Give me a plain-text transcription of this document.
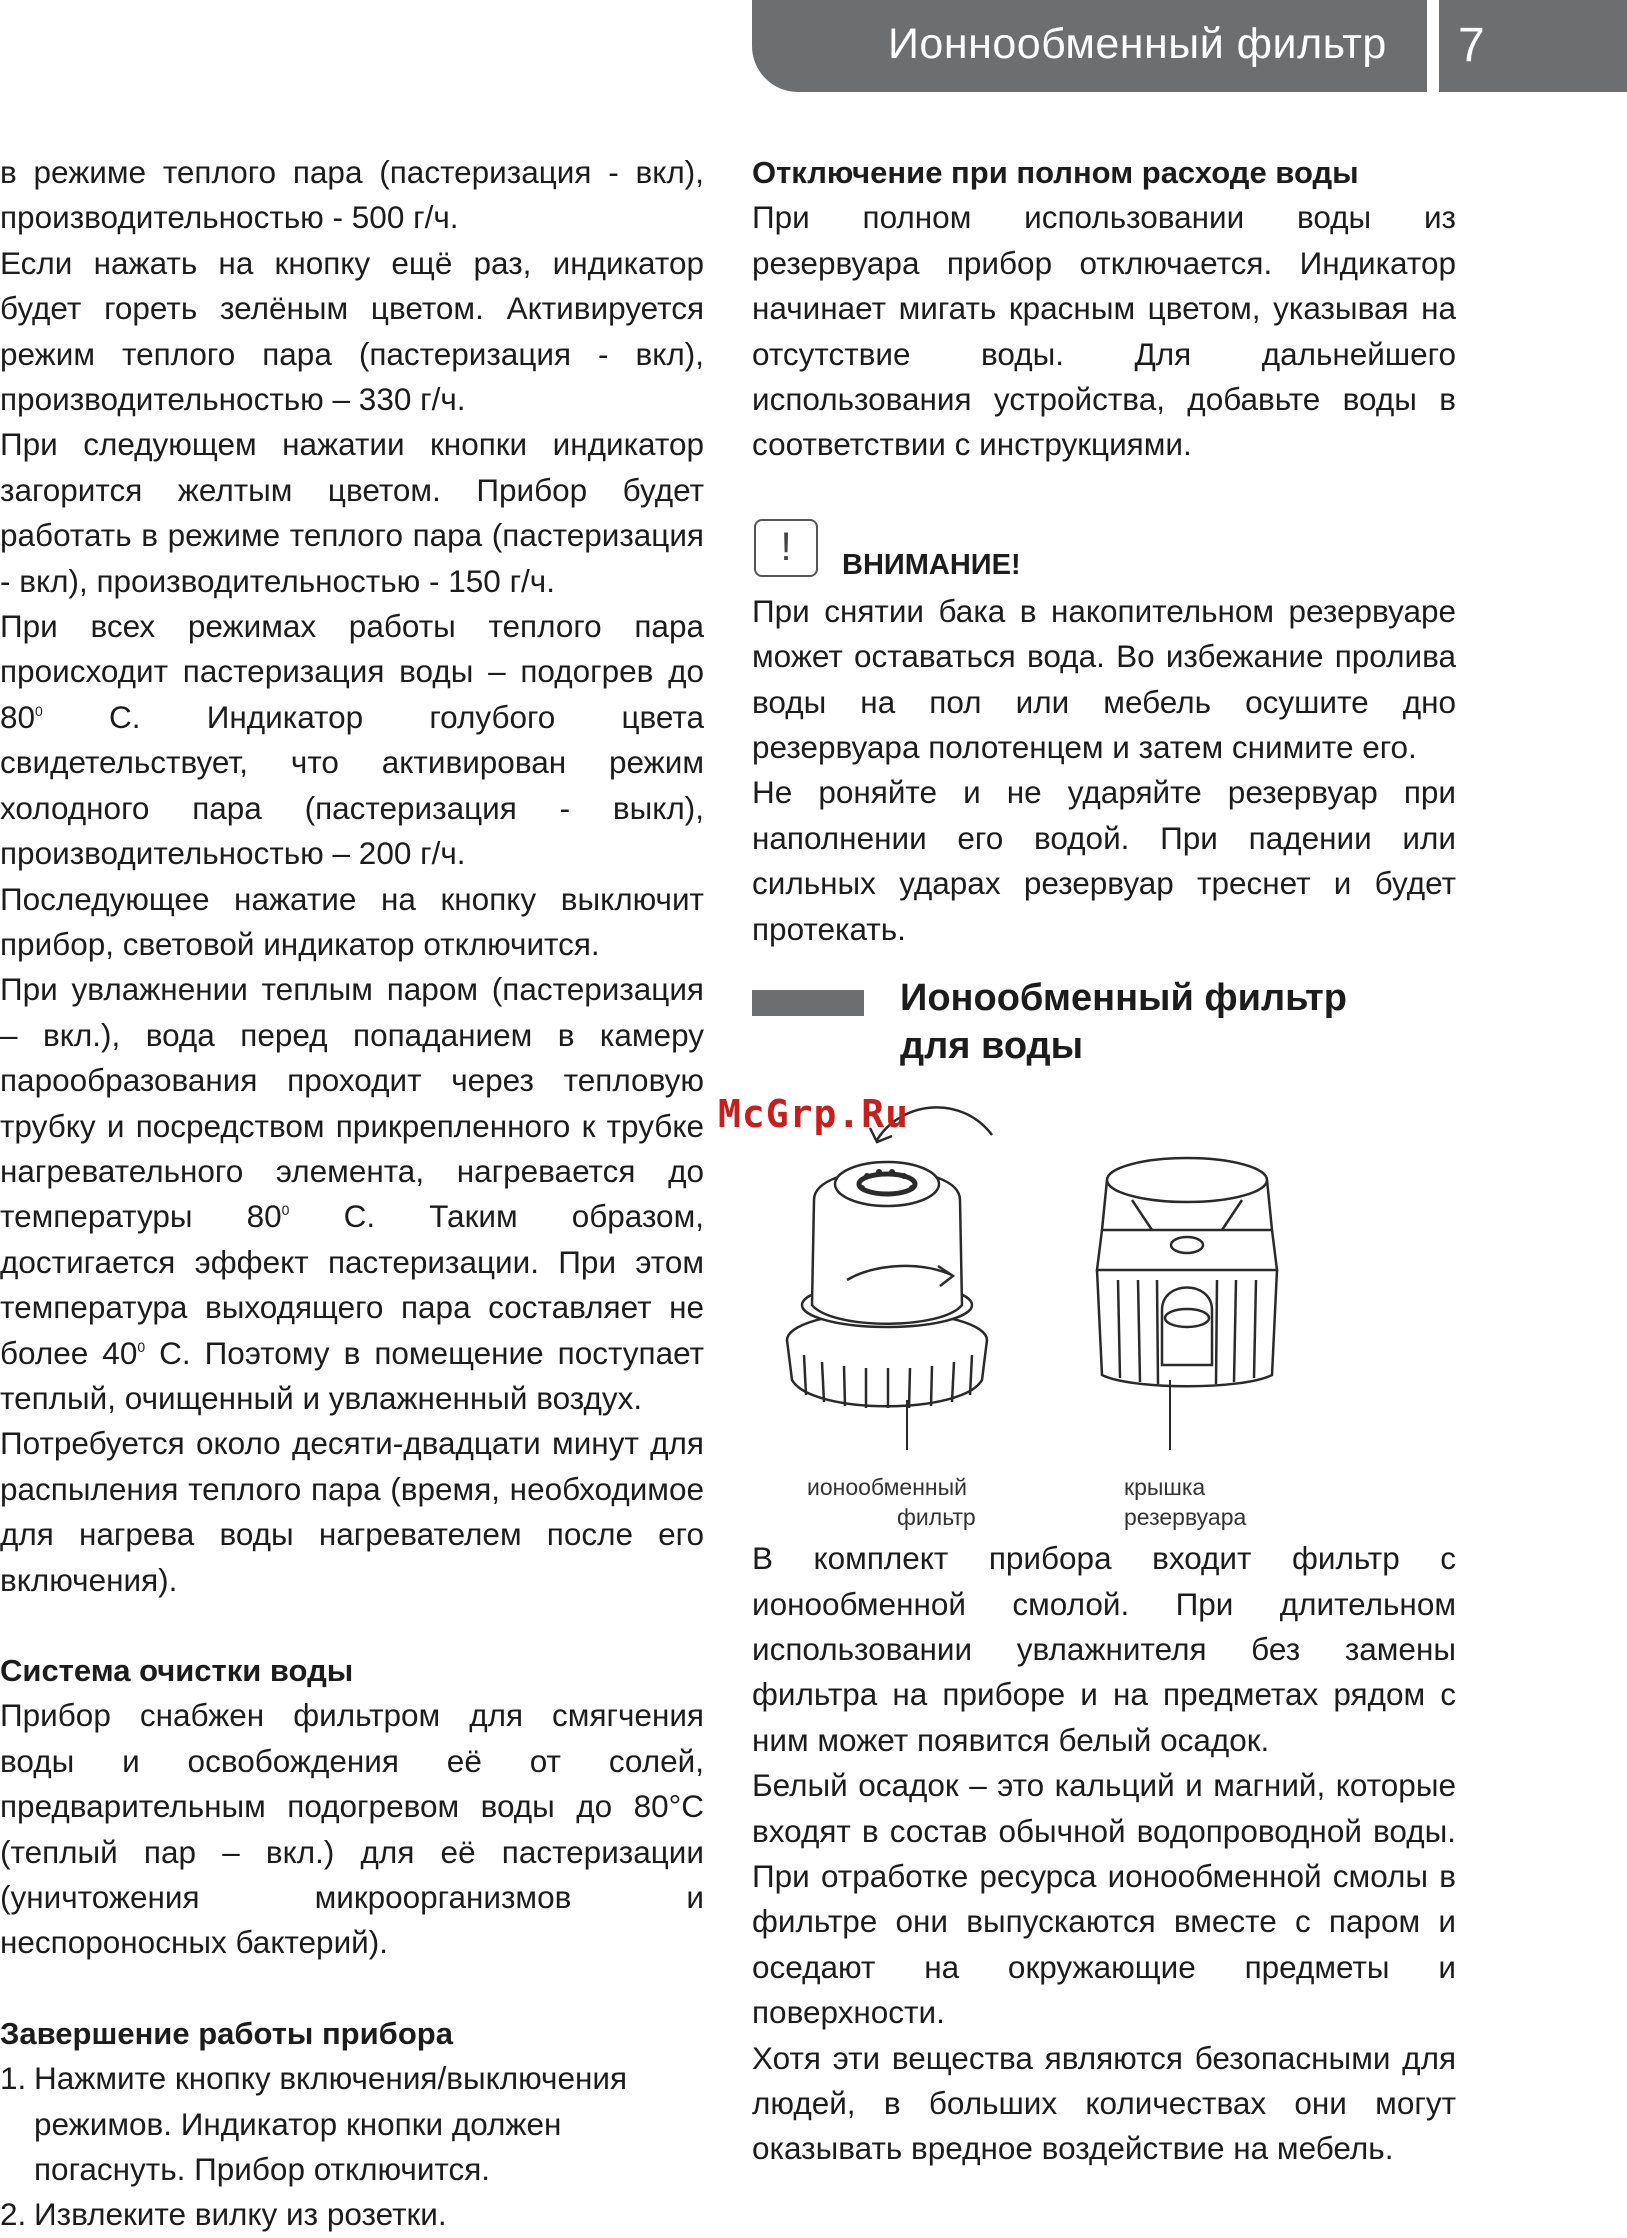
Ионнообменный фильтр 7

в режиме теплого пара (пастеризация - вкл), производительностью - 500 г/ч.

Если нажать на кнопку ещё раз, индикатор будет гореть зелёным цветом. Активируется режим теплого пара (пастеризация - вкл), производительностью – 330 г/ч.

При следующем нажатии кнопки индикатор загорится желтым цветом. Прибор будет работать в режиме теплого пара (пастеризация - вкл), производительностью - 150 г/ч.

При всех режимах работы теплого пара происходит пастеризация воды – подогрев до $80^0$ С. Индикатор голубого цвета свидетельствует, что активирован режим холодного пара (пастеризация - выкл), производительностью – 200 г/ч.

Последующее нажатие на кнопку выключит прибор, световой индикатор отключится.

При увлажнении теплым паром (пастеризация – вкл.), вода перед попаданием в камеру парообразования проходит через тепловую трубку и посредством прикрепленного к трубке нагревательного элемента, нагревается до температуры $80^0$ С. Таким образом, достигается эффект пастеризации. При этом температура выходящего пара составляет не более $40^0$ С. Поэтому в помещение поступает теплый, очищенный и увлажненный воздух.

Потребуется около десяти-двадцати минут для распыления теплого пара (время, необходимое для нагрева воды нагревателем после его включения).

Система очистки воды

Прибор снабжен фильтром для смягчения воды и освобождения её от солей, предварительным подогревом воды до 80°C (теплый пар – вкл.) для её пастеризации (уничтожения микроорганизмов и неспороносных бактерий).

Завершение работы прибора
1. Нажмите кнопку включения/выключения режимов. Индикатор кнопки должен погаснуть. Прибор отключится.
2. Извлеките вилку из розетки.
Отключение при полном расходе воды

При полном использовании воды из резервуара прибор отключается. Индикатор начинает мигать красным цветом, указывая на отсутствие воды. Для дальнейшего использования устройства, добавьте воды в соответствии с инструкциями.

!	ВНИМАНИЕ!

При снятии бака в накопительном резервуаре может оставаться вода. Во избежание пролива воды на пол или мебель осушите дно резервуара полотенцем и затем снимите его.

Не роняйте и не ударяйте резервуар при наполнении его водой. При падении или сильных ударах резервуар треснет и будет протекать.

Ионообменный фильтр
для воды
McGrp.Ru
ионообменный
фильтр
крышка
резервуара

В комплект прибора входит фильтр с ионообменной смолой. При длительном использовании увлажнителя без замены фильтра на приборе и на предметах рядом с ним может появится белый осадок.

Белый осадок – это кальций и магний, которые входят в состав обычной водопроводной воды. При отработке ресурса ионообменной смолы в фильтре они выпускаются вместе с паром и оседают на окружающие предметы и поверхности.

Хотя эти вещества являются безопасными для людей, в больших количествах они могут оказывать вредное воздействие на мебель.
